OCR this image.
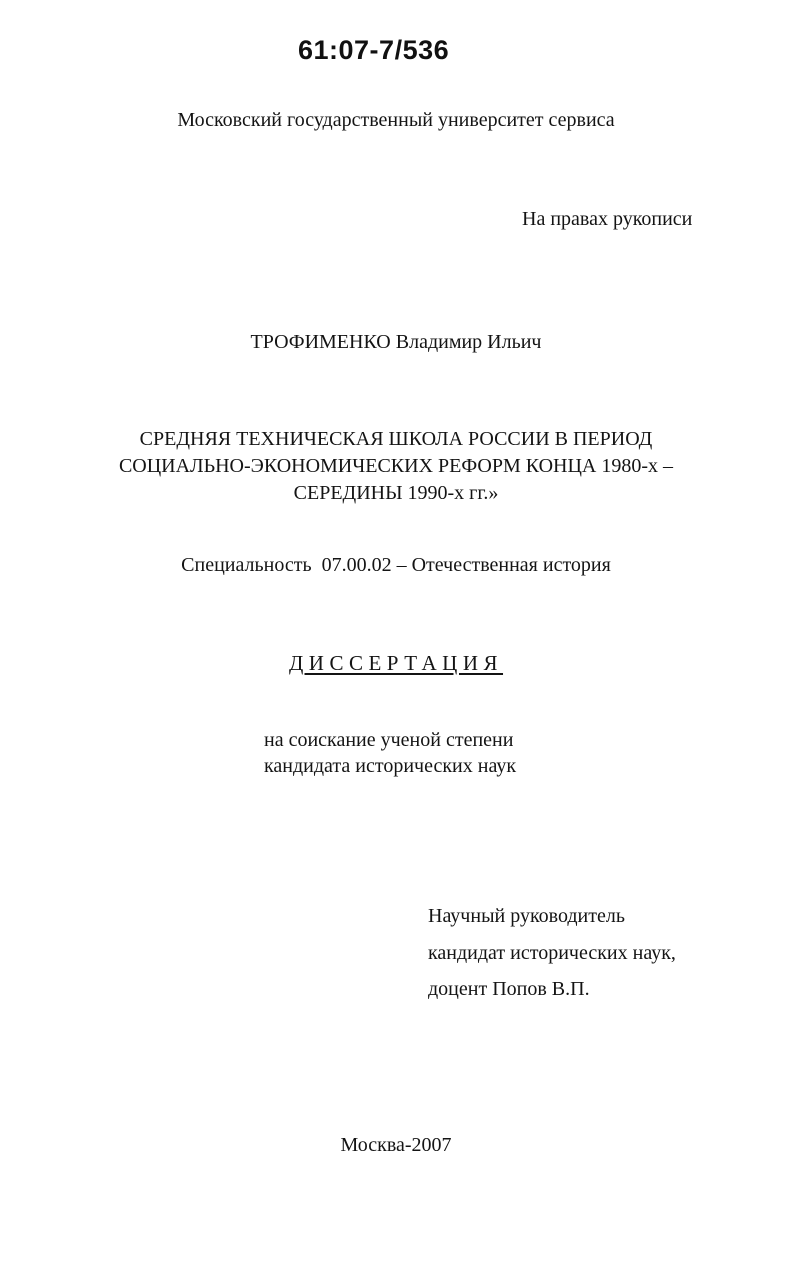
61:07-7/536
Московский государственный университет сервиса
На правах рукописи
ТРОФИМЕНКО Владимир Ильич
СРЕДНЯЯ ТЕХНИЧЕСКАЯ ШКОЛА РОССИИ В ПЕРИОД
СОЦИАЛЬНО-ЭКОНОМИЧЕСКИХ РЕФОРМ КОНЦА 1980-х –
СЕРЕДИНЫ 1990-х гг.»
Специальность  07.00.02 – Отечественная история
ДИССЕРТАЦИЯ
на соискание ученой степени
кандидата исторических наук
Научный руководитель
кандидат исторических наук,
доцент Попов В.П.
Москва-2007
